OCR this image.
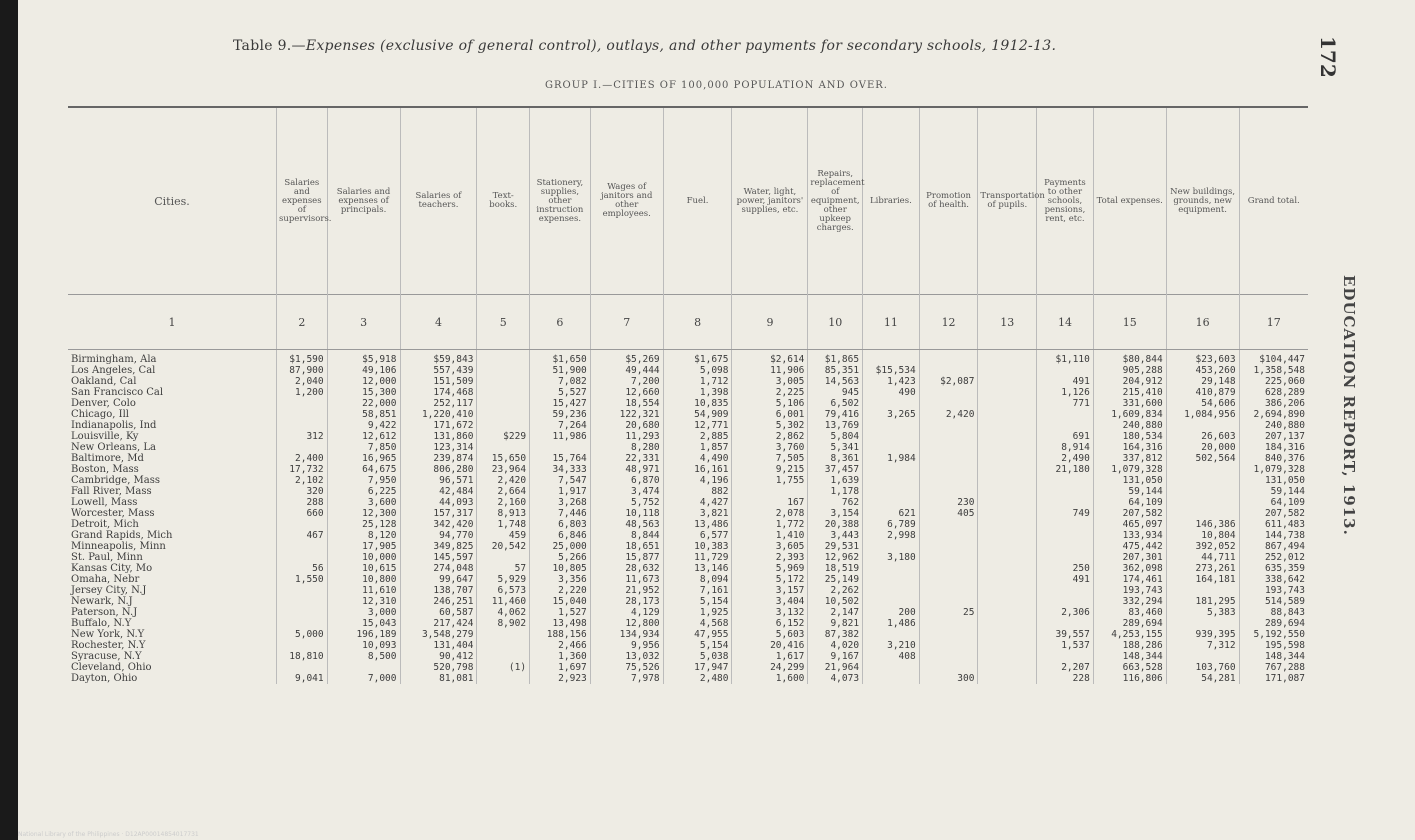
Table 9.—Expenses (exclusive of general control), outlays, and other payments for secondary schools, 1912-13.
GROUP I.—CITIES OF 100,000 POPULATION AND OVER.
172
EDUCATION REPORT, 1913.
Cities.	Salaries and expenses of supervisors.	Salaries and expenses of principals.	Salaries of teachers.	Text-books.	Stationery, supplies, other instruction expenses.	Wages of janitors and other employees.	Fuel.	Water, light, power, janitors' supplies, etc.	Repairs, replacement of equipment, other upkeep charges.	Libraries.	Promotion of health.	Transportation of pupils.	Payments to other schools, pensions, rent, etc.	Total expenses.	New buildings, grounds, new equipment.	Grand total.
1	2	3	4	5	6	7	8	9	10	11	12	13	14	15	16	17
Birmingham, Ala	$1,590	$5,918	$59,843		$1,650	$5,269	$1,675	$2,614	$1,865				$1,110	$80,844	$23,603	$104,447
Los Angeles, Cal	87,900	49,106	557,439		51,900	49,444	5,098	11,906	85,351	$15,534				905,288	453,260	1,358,548
Oakland, Cal	2,040	12,000	151,509		7,082	7,200	1,712	3,005	14,563	1,423	$2,087		491	204,912	29,148	225,060
San Francisco Cal	1,200	15,300	174,468		5,527	12,660	1,398	2,225	945	490			1,126	215,410	410,879	628,289
Denver, Colo		22,000	252,117		15,427	18,554	10,835	5,106	6,502				771	331,600	54,606	386,206
Chicago, Ill		58,851	1,220,410		59,236	122,321	54,909	6,001	79,416	3,265	2,420			1,609,834	1,084,956	2,694,890
Indianapolis, Ind		9,422	171,672		7,264	20,680	12,771	5,302	13,769					240,880		240,880
Louisville, Ky	312	12,612	131,860	$229	11,986	11,293	2,885	2,862	5,804				691	180,534	26,603	207,137
New Orleans, La		7,850	123,314			8,280	1,857	3,760	5,341				8,914	164,316	20,000	184,316
Baltimore, Md	2,400	16,965	239,874	15,650	15,764	22,331	4,490	7,505	8,361	1,984			2,490	337,812	502,564	840,376
Boston, Mass	17,732	64,675	806,280	23,964	34,333	48,971	16,161	9,215	37,457				21,180	1,079,328		1,079,328
Cambridge, Mass	2,102	7,950	96,571	2,420	7,547	6,870	4,196	1,755	1,639					131,050		131,050
Fall River, Mass	320	6,225	42,484	2,664	1,917	3,474	882		1,178					59,144		59,144
Lowell, Mass	288	3,600	44,093	2,160	3,268	5,752	4,427	167	762		230			64,109		64,109
Worcester, Mass	660	12,300	157,317	8,913	7,446	10,118	3,821	2,078	3,154	621	405		749	207,582		207,582
Detroit, Mich		25,128	342,420	1,748	6,803	48,563	13,486	1,772	20,388	6,789				465,097	146,386	611,483
Grand Rapids, Mich	467	8,120	94,770	459	6,846	8,844	6,577	1,410	3,443	2,998				133,934	10,804	144,738
Minneapolis, Minn		17,905	349,825	20,542	25,000	18,651	10,383	3,605	29,531					475,442	392,052	867,494
St. Paul, Minn		10,000	145,597		5,266	15,877	11,729	2,393	12,962	3,180				207,301	44,711	252,012
Kansas City, Mo	56	10,615	274,048	57	10,805	28,632	13,146	5,969	18,519				250	362,098	273,261	635,359
Omaha, Nebr	1,550	10,800	99,647	5,929	3,356	11,673	8,094	5,172	25,149				491	174,461	164,181	338,642
Jersey City, N.J		11,610	138,707	6,573	2,220	21,952	7,161	3,157	2,262					193,743		193,743
Newark, N.J		12,310	246,251	11,460	15,040	28,173	5,154	3,404	10,502					332,294	181,295	514,589
Paterson, N.J		3,000	60,587	4,062	1,527	4,129	1,925	3,132	2,147	200	25		2,306	83,460	5,383	88,843
Buffalo, N.Y		15,043	217,424	8,902	13,498	12,800	4,568	6,152	9,821	1,486				289,694		289,694
New York, N.Y	5,000	196,189	3,548,279		188,156	134,934	47,955	5,603	87,382				39,557	4,253,155	939,395	5,192,550
Rochester, N.Y		10,093	131,404		2,466	9,956	5,154	20,416	4,020	3,210			1,537	188,286	7,312	195,598
Syracuse, N.Y	18,810	8,500	90,412		1,360	13,032	5,038	1,617	9,167	408				148,344		148,344
Cleveland, Ohio			520,798	(1)	1,697	75,526	17,947	24,299	21,964				2,207	663,528	103,760	767,288
Dayton, Ohio	9,041	7,000	81,081		2,923	7,978	2,480	1,600	4,073		300		228	116,806	54,281	171,087
National Library of the Philippines · D12AP00014854017731
